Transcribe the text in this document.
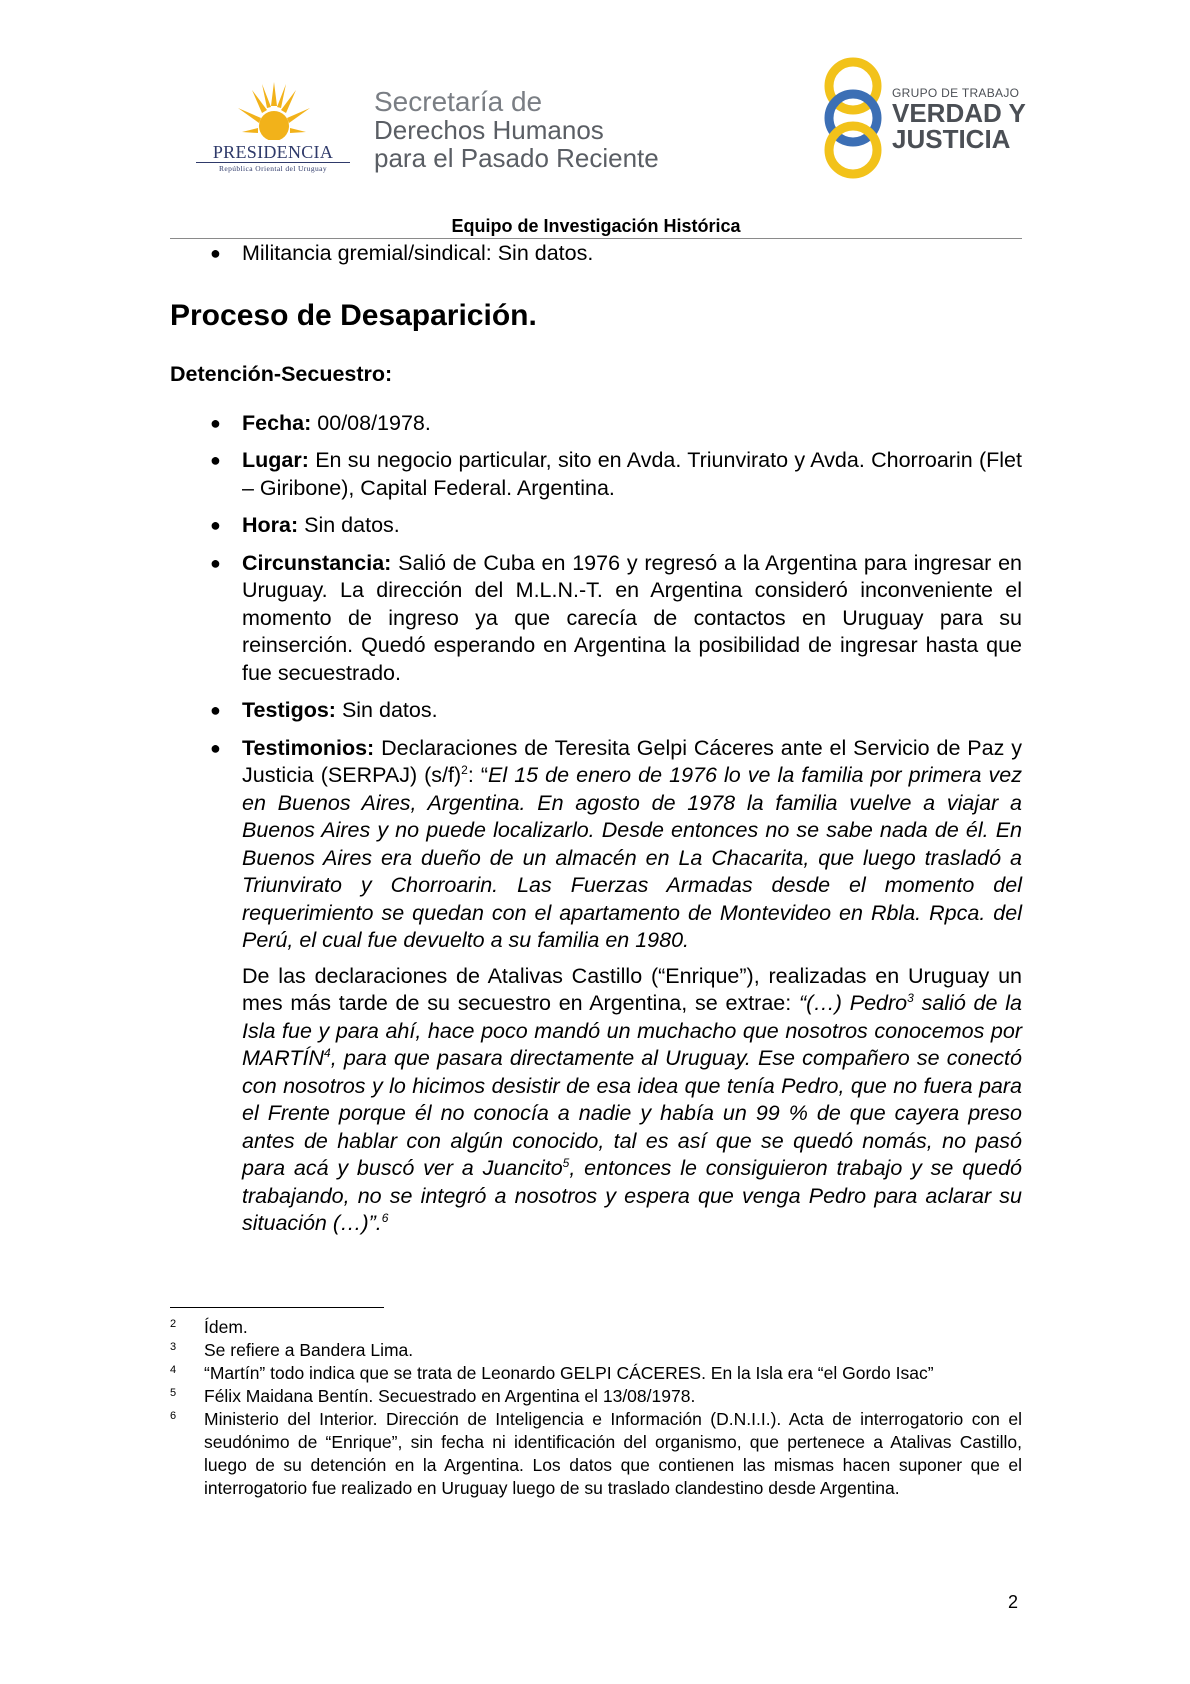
PRESIDENCIA
República Oriental del Uruguay
Secretaría de
Derechos Humanos
para el Pasado Reciente
GRUPO DE TRABAJO
VERDAD Y
JUSTICIA
Equipo de Investigación Histórica
● Militancia gremial/sindical: Sin datos.
Proceso de Desaparición.
Detención-Secuestro:
● Fecha: 00/08/1978.
● Lugar: En su negocio particular, sito en Avda. Triunvirato y Avda. Chorroarin (Flet – Giribone), Capital Federal. Argentina.
● Hora: Sin datos.
● Circunstancia: Salió de Cuba en 1976 y regresó a la Argentina para ingresar en Uruguay. La dirección del M.L.N.-T. en Argentina consideró inconveniente el momento de ingreso ya que carecía de contactos en Uruguay para su reinserción. Quedó esperando en Argentina la posibilidad de ingresar hasta que fue secuestrado.
● Testigos: Sin datos.
● Testimonios: Declaraciones de Teresita Gelpi Cáceres ante el Servicio de Paz y Justicia (SERPAJ) $(s/f)^2$: “El 15 de enero de 1976 lo ve la familia por primera vez en Buenos Aires, Argentina. En agosto de 1978 la familia vuelve a viajar a Buenos Aires y no puede localizarlo. Desde entonces no se sabe nada de él. En Buenos Aires era dueño de un almacén en La Chacarita, que luego trasladó a Triunvirato y Chorroarin. Las Fuerzas Armadas desde el momento del requerimiento se quedan con el apartamento de Montevideo en Rbla. Rpca. del Perú, el cual fue devuelto a su familia en 1980.
De las declaraciones de Atalivas Castillo (“Enrique”), realizadas en Uruguay un mes más tarde de su secuestro en Argentina, se extrae: “(…) Pedro$^3$ salió de la Isla fue y para ahí, hace poco mandó un muchacho que nosotros conocemos por MARTÍN$^4$, para que pasara directamente al Uruguay. Ese compañero se conectó con nosotros y lo hicimos desistir de esa idea que tenía Pedro, que no fuera para el Frente porque él no conocía a nadie y había un 99 % de que cayera preso antes de hablar con algún conocido, tal es así que se quedó nomás, no pasó para acá y buscó ver a Juancito$^5$, entonces le consiguieron trabajo y se quedó trabajando, no se integró a nosotros y espera que venga Pedro para aclarar su situación (…)”.$^6$
2 Ídem.
3 Se refiere a Bandera Lima.
4 “Martín” todo indica que se trata de Leonardo GELPI CÁCERES. En la Isla era “el Gordo Isac”
5 Félix Maidana Bentín. Secuestrado en Argentina el 13/08/1978.
6 Ministerio del Interior. Dirección de Inteligencia e Información (D.N.I.I.). Acta de interrogatorio con el seudónimo de “Enrique”, sin fecha ni identificación del organismo, que pertenece a Atalivas Castillo, luego de su detención en la Argentina. Los datos que contienen las mismas hacen suponer que el interrogatorio fue realizado en Uruguay luego de su traslado clandestino desde Argentina.
2
